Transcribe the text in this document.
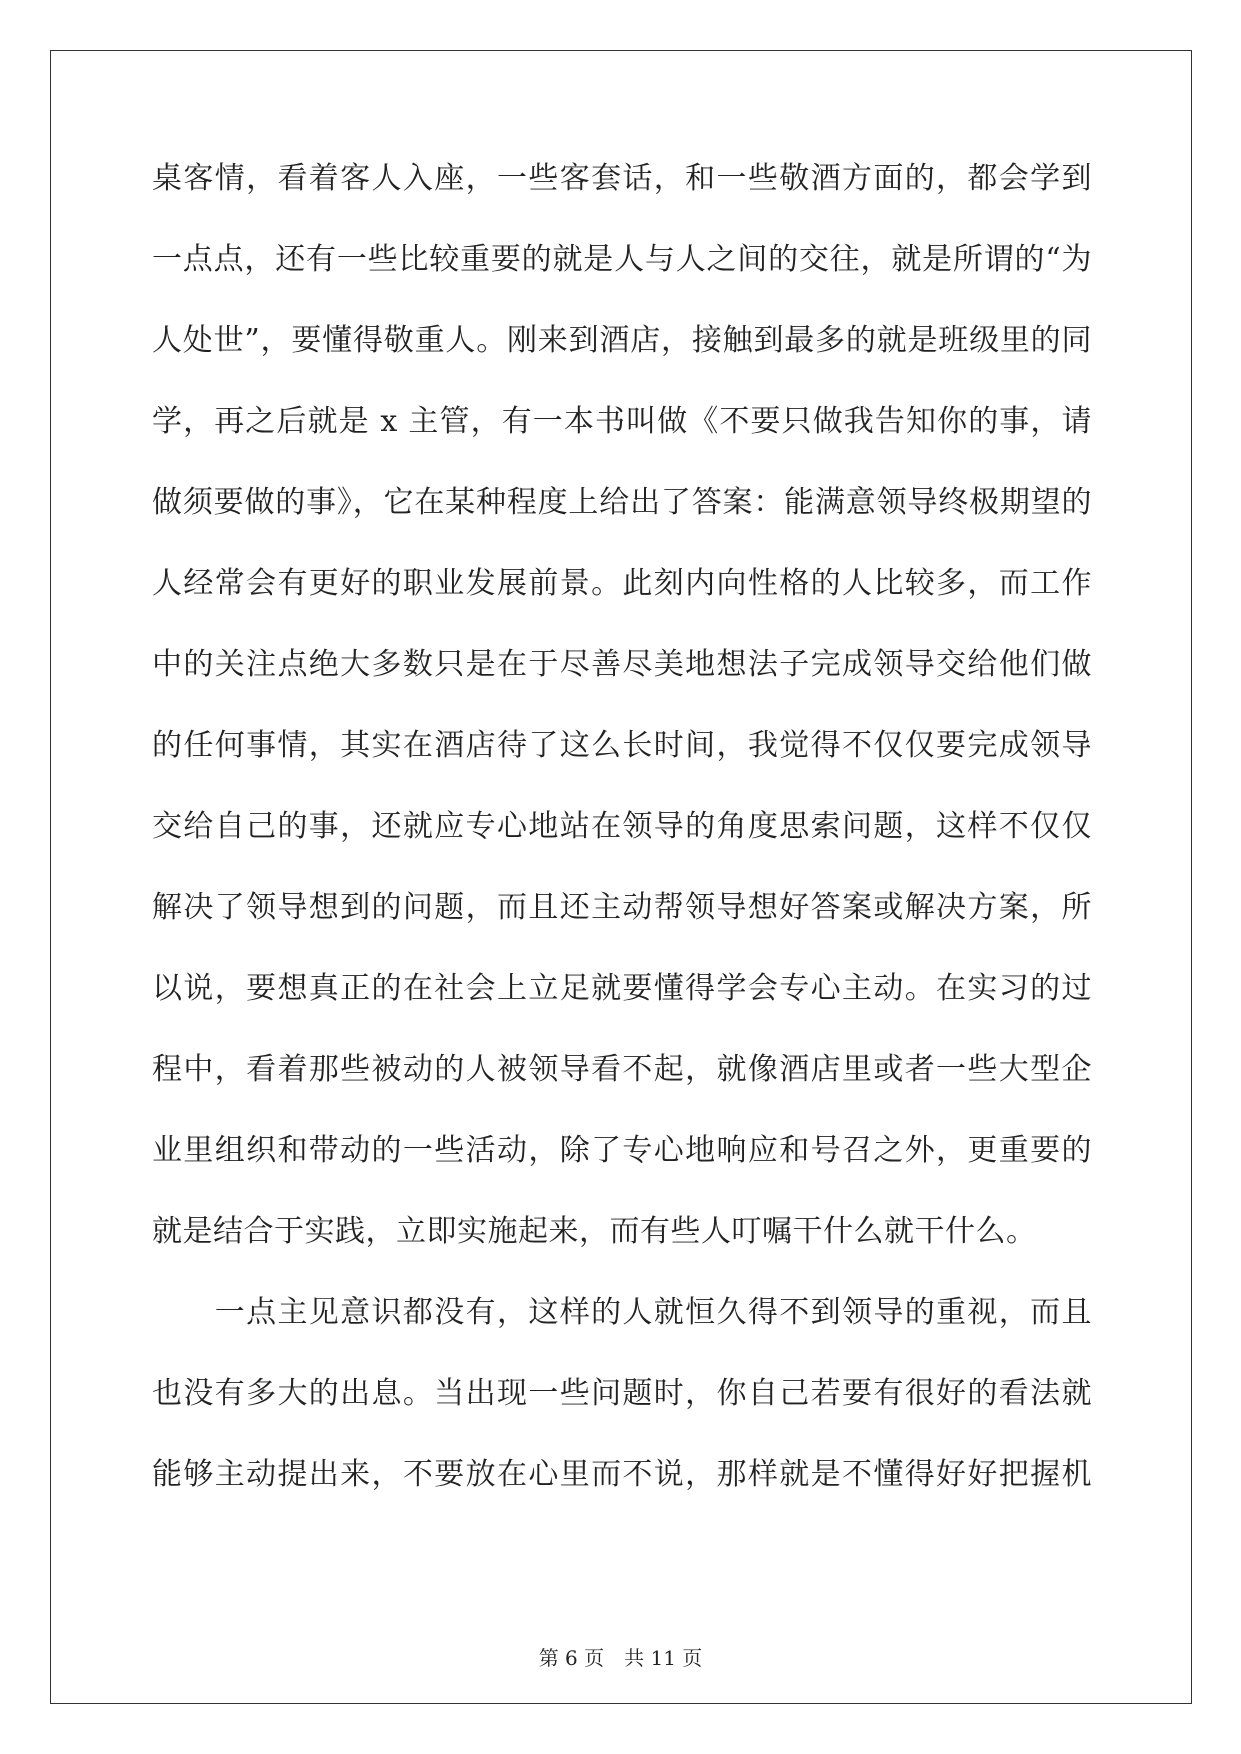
桌客情，看着客人入座，一些客套话，和一些敬酒方面的，都会学到
一点点，还有一些比较重要的就是人与人之间的交往，就是所谓的“为
人处世”，要懂得敬重人。刚来到酒店，接触到最多的就是班级里的同
学，再之后就是 x 主管，有一本书叫做《不要只做我告知你的事，请
做须要做的事》，它在某种程度上给出了答案：能满意领导终极期望的
人经常会有更好的职业发展前景。此刻内向性格的人比较多，而工作
中的关注点绝大多数只是在于尽善尽美地想法子完成领导交给他们做
的任何事情，其实在酒店待了这么长时间，我觉得不仅仅要完成领导
交给自己的事，还就应专心地站在领导的角度思索问题，这样不仅仅
解决了领导想到的问题，而且还主动帮领导想好答案或解决方案，所
以说，要想真正的在社会上立足就要懂得学会专心主动。在实习的过
程中，看着那些被动的人被领导看不起，就像酒店里或者一些大型企
业里组织和带动的一些活动，除了专心地响应和号召之外，更重要的
就是结合于实践，立即实施起来，而有些人叮嘱干什么就干什么。
　　一点主见意识都没有，这样的人就恒久得不到领导的重视，而且
也没有多大的出息。当出现一些问题时，你自己若要有很好的看法就
能够主动提出来，不要放在心里而不说，那样就是不懂得好好把握机
第 6 页　共 11 页
